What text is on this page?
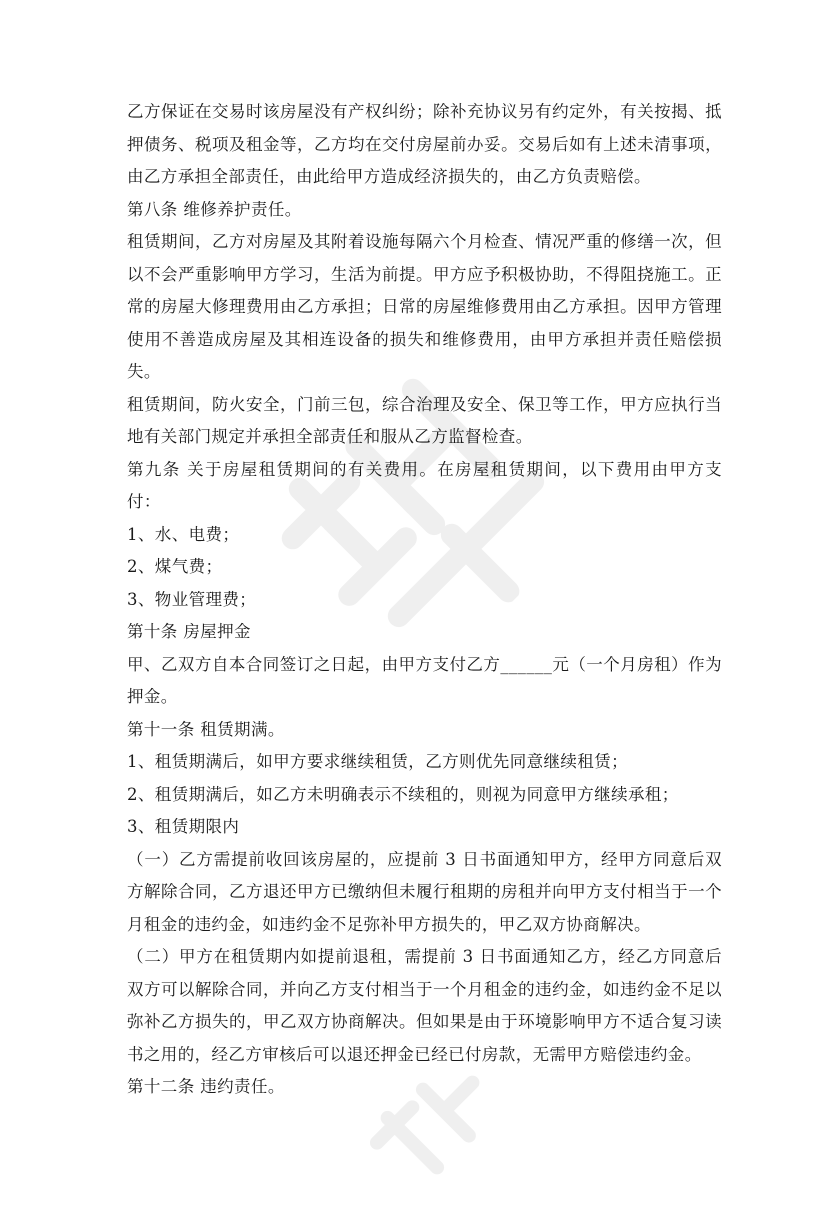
乙方保证在交易时该房屋没有产权纠纷；除补充协议另有约定外，有关按揭、抵押债务、税项及租金等，乙方均在交付房屋前办妥。交易后如有上述未清事项，由乙方承担全部责任，由此给甲方造成经济损失的，由乙方负责赔偿。

第八条 维修养护责任。

租赁期间，乙方对房屋及其附着设施每隔六个月检查、情况严重的修缮一次，但以不会严重影响甲方学习，生活为前提。甲方应予积极协助，不得阻挠施工。正常的房屋大修理费用由乙方承担；日常的房屋维修费用由乙方承担。因甲方管理使用不善造成房屋及其相连设备的损失和维修费用，由甲方承担并责任赔偿损失。

租赁期间，防火安全，门前三包，综合治理及安全、保卫等工作，甲方应执行当地有关部门规定并承担全部责任和服从乙方监督检查。

第九条 关于房屋租赁期间的有关费用。在房屋租赁期间，以下费用由甲方支付：

1、水、电费；

2、煤气费；

3、物业管理费；

第十条 房屋押金

甲、乙双方自本合同签订之日起，由甲方支付乙方______元（一个月房租）作为押金。

第十一条 租赁期满。

1、租赁期满后，如甲方要求继续租赁，乙方则优先同意继续租赁；

2、租赁期满后，如乙方未明确表示不续租的，则视为同意甲方继续承租；

3、租赁期限内

（一）乙方需提前收回该房屋的，应提前 3 日书面通知甲方，经甲方同意后双方解除合同，乙方退还甲方已缴纳但未履行租期的房租并向甲方支付相当于一个月租金的违约金，如违约金不足弥补甲方损失的，甲乙双方协商解决。

（二）甲方在租赁期内如提前退租，需提前 3 日书面通知乙方，经乙方同意后双方可以解除合同，并向乙方支付相当于一个月租金的违约金，如违约金不足以弥补乙方损失的，甲乙双方协商解决。但如果是由于环境影响甲方不适合复习读书之用的，经乙方审核后可以退还押金已经已付房款，无需甲方赔偿违约金。

第十二条 违约责任。
